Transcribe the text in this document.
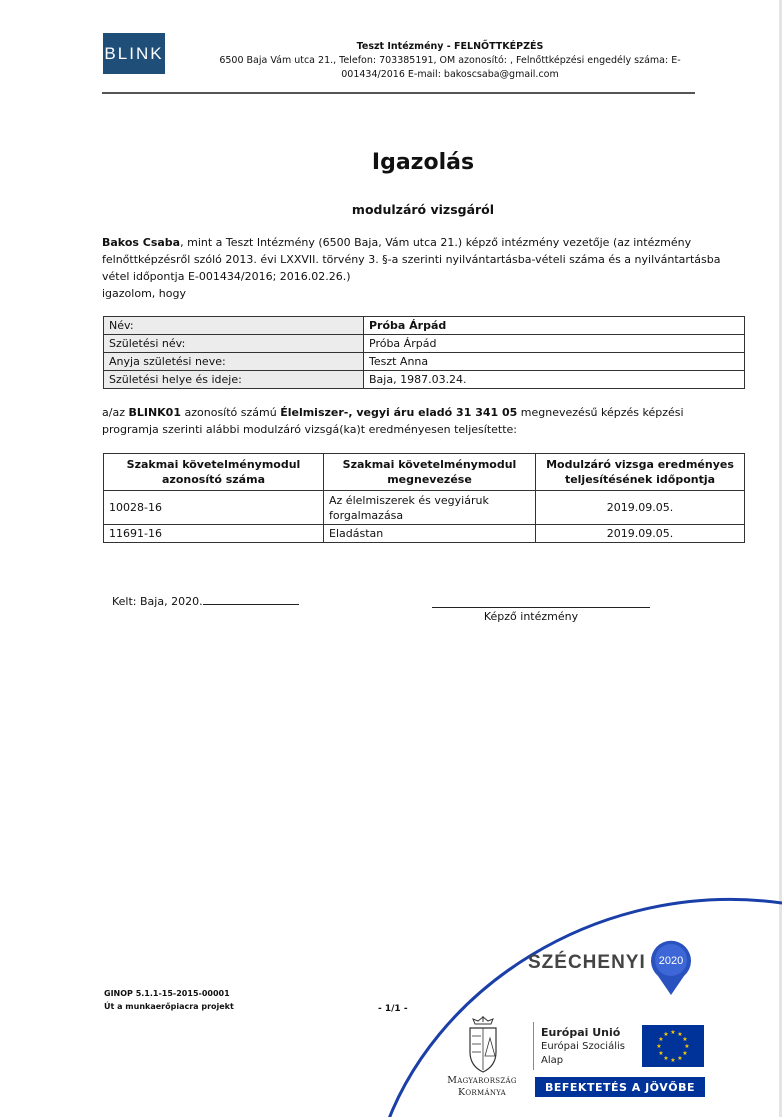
BLINK	Teszt Intézmény - FELNŐTTKÉPZÉS
6500 Baja Vám utca 21., Telefon: 703385191, OM azonosító: , Felnőttképzési engedély száma: E-
001434/2016 E-mail: bakoscsaba@gmail.com
Igazolás
modulzáró vizsgáról
Bakos Csaba, mint a Teszt Intézmény (6500 Baja, Vám utca 21.) képző intézmény vezetője (az intézmény felnőttképzésről szóló 2013. évi LXXVII. törvény 3. §-a szerinti nyilvántartásba-vételi száma és a nyilvántartásba vétel időpontja E-001434/2016; 2016.02.26.)
igazolom, hogy
Név:	Próba Árpád
Születési név:	Próba Árpád
Anyja születési neve:	Teszt Anna
Születési helye és ideje:	Baja, 1987.03.24.
a/az BLINK01 azonosító számú Élelmiszer-, vegyi áru eladó 31 341 05 megnevezésű képzés képzési programja szerinti alábbi modulzáró vizsgá(ka)t eredményesen teljesítette:
Szakmai követelménymodul azonosító száma	Szakmai követelménymodul megnevezése	Modulzáró vizsga eredményes teljesítésének időpontja
10028-16	Az élelmiszerek és vegyiáruk forgalmazása	2019.09.05.
11691-16	Eladástan	2019.09.05.
Kelt: Baja, 2020.
Képző intézmény
GINOP 5.1.1-15-2015-00001
Út a munkaerőpiacra projekt	- 1/1 -
SZÉCHENYI 2020
Magyarország
Kormánya
Európai Unió
Európai Szociális
Alap
★ ★
★
★
★
★
★
★
★
★
★
★
BEFEKTETÉS A JÖVŐBE
